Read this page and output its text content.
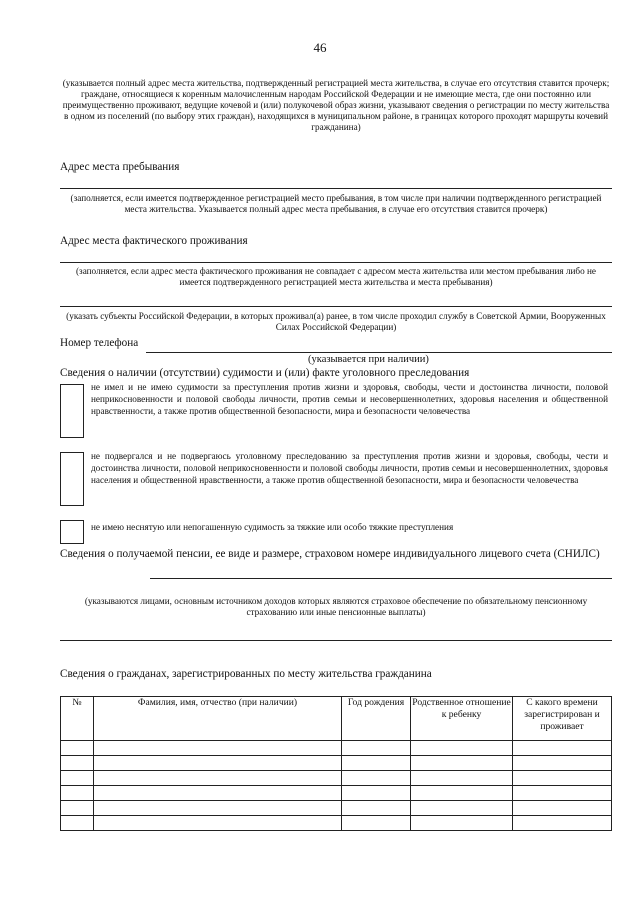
46
(указывается полный адрес места жительства, подтвержденный регистрацией места жительства, в случае его отсутствия ставится прочерк; граждане, относящиеся к коренным малочисленным народам Российской Федерации и не имеющие места, где они постоянно или преимущественно проживают, ведущие кочевой и (или) полукочевой образ жизни, указывают сведения о регистрации по месту жительства в одном из поселений (по выбору этих граждан), находящихся в муниципальном районе, в границах которого проходят маршруты кочевий гражданина)
Адрес места пребывания
(заполняется, если имеется подтвержденное регистрацией место пребывания, в том числе при наличии подтвержденного регистрацией места жительства. Указывается полный адрес места пребывания, в случае его отсутствия ставится прочерк)
Адрес места фактического проживания
(заполняется, если адрес места фактического проживания не совпадает с адресом места жительства или местом пребывания либо не имеется подтвержденного регистрацией места жительства и места пребывания)
(указать субъекты Российской Федерации, в которых проживал(а) ранее, в том числе проходил службу в Советской Армии, Вооруженных Силах Российской Федерации)
Номер телефона
(указывается при наличии)
Сведения о наличии (отсутствии) судимости и (или) факте уголовного преследования
не имел и не имею судимости за преступления против жизни и здоровья, свободы, чести и достоинства личности, половой неприкосновенности и половой свободы личности, против семьи и несовершеннолетних, здоровья населения и общественной нравственности, а также против общественной безопасности, мира и безопасности человечества
не подвергался и не подвергаюсь уголовному преследованию за преступления против жизни и здоровья, свободы, чести и достоинства личности, половой неприкосновенности и половой свободы личности, против семьи и несовершеннолетних, здоровья населения и общественной нравственности, а также против общественной безопасности, мира и безопасности человечества
не имею неснятую или непогашенную судимость за тяжкие или особо тяжкие преступления
Сведения о получаемой пенсии, ее виде и размере, страховом номере индивидуального лицевого счета (СНИЛС)
(указываются лицами, основным источником доходов которых являются страховое обеспечение по обязательному пенсионному страхованию или иные пенсионные выплаты)
Сведения о гражданах, зарегистрированных по месту жительства гражданина
№	Фамилия, имя, отчество (при наличии)	Год рождения	Родственное отношение к ребенку	С какого времени зарегистрирован и проживает
